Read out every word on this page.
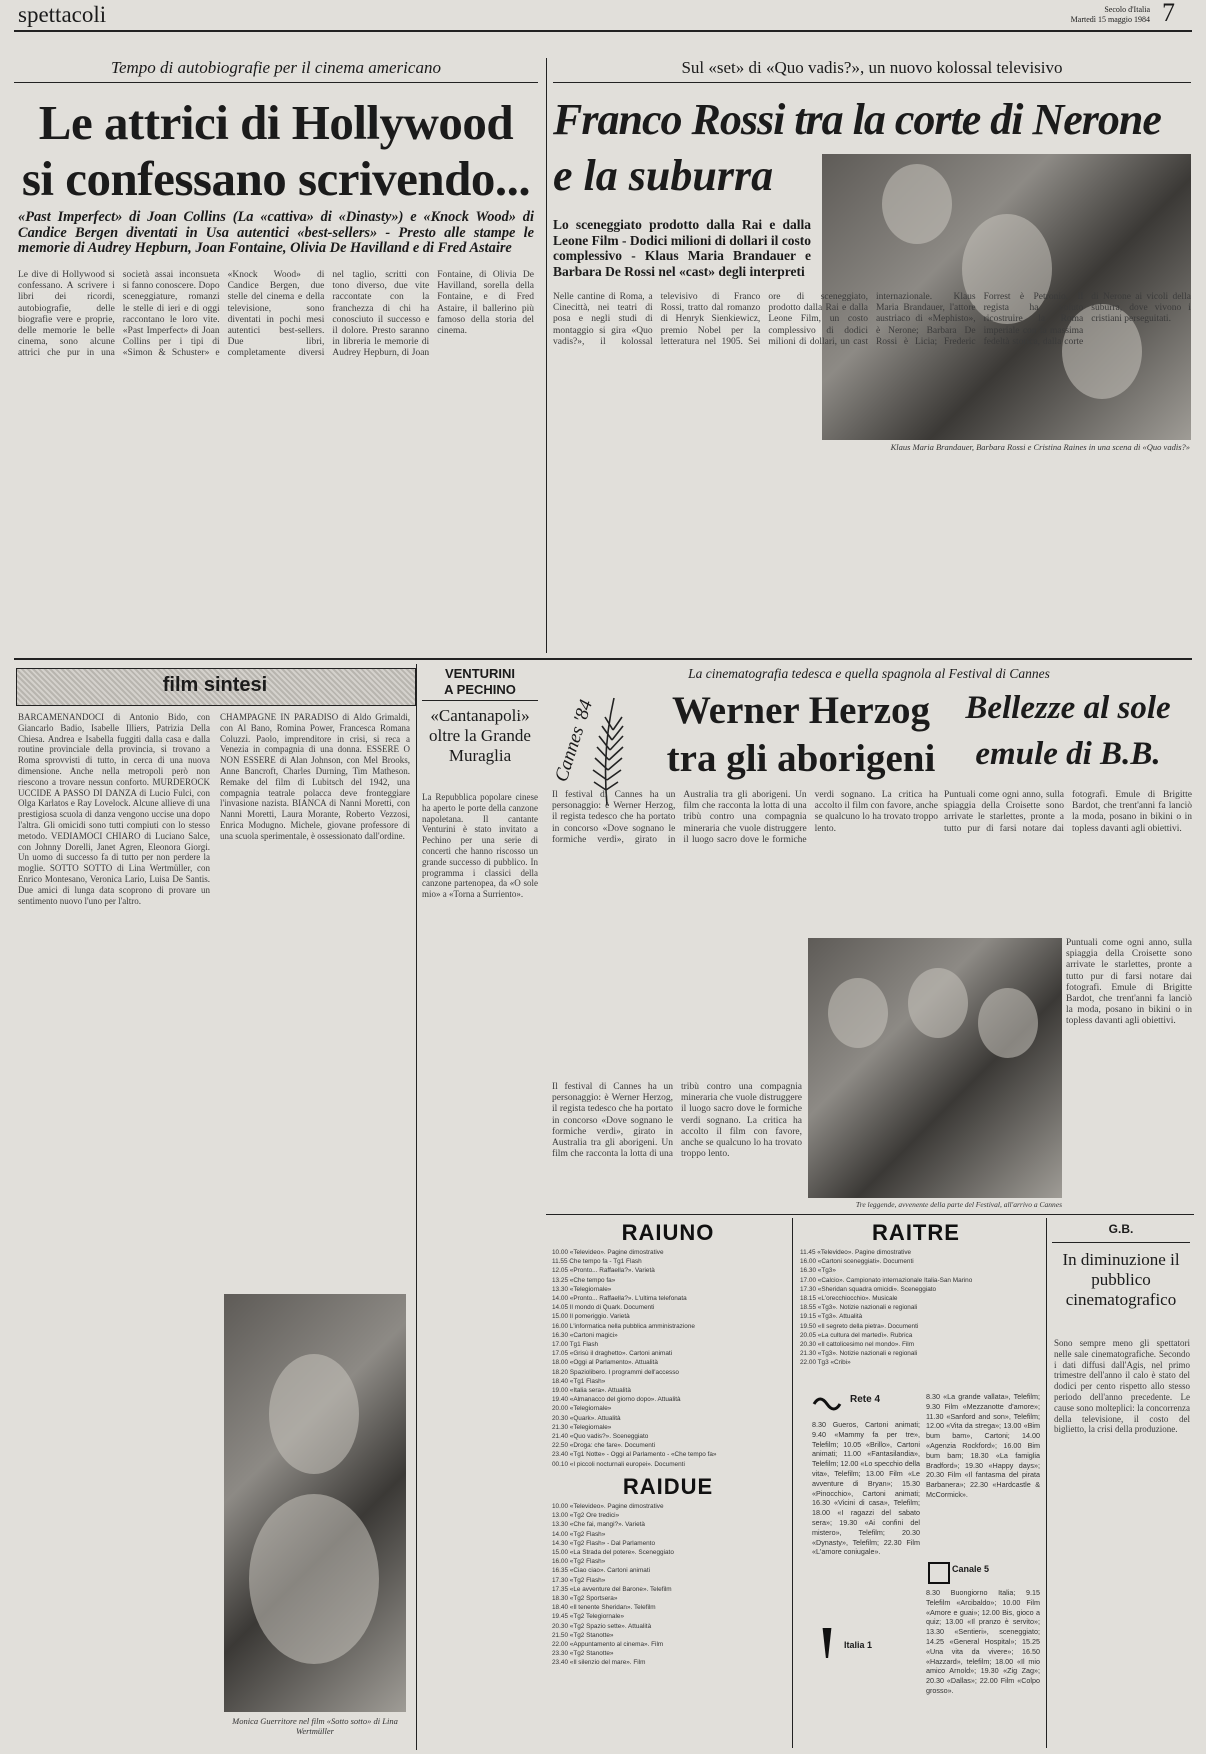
spettacoli	Secolo d'Italia
Martedì 15 maggio 1984 7
Tempo di autobiografie per il cinema americano
Le attrici di Hollywood
si confessano scrivendo...
«Past Imperfect» di Joan Collins (La «cattiva» di «Dinasty») e «Knock Wood» di Candice Bergen diventati in Usa autentici «best-sellers» - Presto alle stampe le memorie di Audrey Hepburn, Joan Fontaine, Olivia De Havilland e di Fred Astaire
Le dive di Hollywood si confessano. A scrivere i libri dei ricordi, autobiografie, delle biografie vere e proprie, delle memorie le belle cinema, sono alcune attrici che pur in una società assai inconsueta si fanno conoscere. Dopo sceneggiature, romanzi le stelle di ieri e di oggi raccontano le loro vite. «Past Imperfect» di Joan Collins per i tipi di «Simon & Schuster» e «Knock Wood» di Candice Bergen, due stelle del cinema e della televisione, sono diventati in pochi mesi autentici best-sellers. Due libri, completamente diversi nel taglio, scritti con tono diverso, due vite raccontate con la franchezza di chi ha conosciuto il successo e il dolore. Presto saranno in libreria le memorie di Audrey Hepburn, di Joan Fontaine, di Olivia De Havilland, sorella della Fontaine, e di Fred Astaire, il ballerino più famoso della storia del cinema.
Sul «set» di «Quo vadis?», un nuovo kolossal televisivo
Franco Rossi tra la corte di Nerone
e la suburra
Lo sceneggiato prodotto dalla Rai e dalla Leone Film - Dodici milioni di dollari il costo complessivo - Klaus Maria Brandauer e Barbara De Rossi nel «cast» degli interpreti
Klaus Maria Brandauer, Barbara Rossi e Cristina Raines in una scena di «Quo vadis?»
Nelle cantine di Roma, a Cinecittà, nei teatri di posa e negli studi di montaggio si gira «Quo vadis?», il kolossal televisivo di Franco Rossi, tratto dal romanzo di Henryk Sienkiewicz, premio Nobel per la letteratura nel 1905. Sei ore di sceneggiato, prodotto dalla Rai e dalla Leone Film, un costo complessivo di dodici milioni di dollari, un cast internazionale. Klaus Maria Brandauer, l'attore austriaco di «Mephisto», è Nerone; Barbara De Rossi è Licia; Frederic Forrest è Petronio. Il regista ha voluto ricostruire la Roma imperiale con la massima fedeltà storica, dalla corte di Nerone ai vicoli della suburra, dove vivono i cristiani perseguitati.
film sintesi
BARCAMENANDOCI di Antonio Bido, con Giancarlo Badio, Isabelle Illiers, Patrizia Della Chiesa. Andrea e Isabella fuggiti dalla casa e dalla routine provinciale della provincia, si trovano a Roma sprovvisti di tutto, in cerca di una nuova dimensione. Anche nella metropoli però non riescono a trovare nessun conforto. MURDEROCK UCCIDE A PASSO DI DANZA di Lucio Fulci, con Olga Karlatos e Ray Lovelock. Alcune allieve di una prestigiosa scuola di danza vengono uccise una dopo l'altra. Gli omicidi sono tutti compiuti con lo stesso metodo. VEDIAMOCI CHIARO di Luciano Salce, con Johnny Dorelli, Janet Agren, Eleonora Giorgi. Un uomo di successo fa di tutto per non perdere la moglie. SOTTO SOTTO di Lina Wertmüller, con Enrico Montesano, Veronica Lario, Luisa De Santis. Due amici di lunga data scoprono di provare un sentimento nuovo l'uno per l'altro.
CHAMPAGNE IN PARADISO di Aldo Grimaldi, con Al Bano, Romina Power, Francesca Romana Coluzzi. Paolo, imprenditore in crisi, si reca a Venezia in compagnia di una donna. ESSERE O NON ESSERE di Alan Johnson, con Mel Brooks, Anne Bancroft, Charles Durning, Tim Matheson. Remake del film di Lubitsch del 1942, una compagnia teatrale polacca deve fronteggiare l'invasione nazista. BIANCA di Nanni Moretti, con Nanni Moretti, Laura Morante, Roberto Vezzosi, Enrica Modugno. Michele, giovane professore di una scuola sperimentale, è ossessionato dall'ordine.
Monica Guerritore nel film «Sotto sotto» di Lina Wertmüller
VENTURINI
A PECHINO
«Cantanapoli» oltre la Grande Muraglia
La Repubblica popolare cinese ha aperto le porte della canzone napoletana. Il cantante Venturini è stato invitato a Pechino per una serie di concerti che hanno riscosso un grande successo di pubblico. In programma i classici della canzone partenopea, da «O sole mio» a «Torna a Surriento».
La cinematografia tedesca e quella spagnola al Festival di Cannes
Cannes '84 Werner Herzog
tra gli aborigeni
Il festival di Cannes ha un personaggio: è Werner Herzog, il regista tedesco che ha portato in concorso «Dove sognano le formiche verdi», girato in Australia tra gli aborigeni. Un film che racconta la lotta di una tribù contro una compagnia mineraria che vuole distruggere il luogo sacro dove le formiche verdi sognano. La critica ha accolto il film con favore, anche se qualcuno lo ha trovato troppo lento.
Il festival di Cannes ha un personaggio: è Werner Herzog, il regista tedesco che ha portato in concorso «Dove sognano le formiche verdi», girato in Australia tra gli aborigeni. Un film che racconta la lotta di una tribù contro una compagnia mineraria che vuole distruggere il luogo sacro dove le formiche verdi sognano. La critica ha accolto il film con favore, anche se qualcuno lo ha trovato troppo lento.
Tre leggende, avvenente della parte del Festival, all'arrivo a Cannes
Bellezze al sole
emule di B.B.
Puntuali come ogni anno, sulla spiaggia della Croisette sono arrivate le starlettes, pronte a tutto pur di farsi notare dai fotografi. Emule di Brigitte Bardot, che trent'anni fa lanciò la moda, posano in bikini o in topless davanti agli obiettivi.
Puntuali come ogni anno, sulla spiaggia della Croisette sono arrivate le starlettes, pronte a tutto pur di farsi notare dai fotografi. Emule di Brigitte Bardot, che trent'anni fa lanciò la moda, posano in bikini o in topless davanti agli obiettivi.
RAIUNO
10.00 «Televideo». Pagine dimostrative
11.55 Che tempo fa - Tg1 Flash
12.05 «Pronto... Raffaella?». Varietà
13.25 «Che tempo fa»
13.30 «Telegiornale»
14.00 «Pronto... Raffaella?». L'ultima telefonata
14.05 Il mondo di Quark. Documenti
15.00 Il pomeriggio. Varietà
16.00 L'informatica nella pubblica amministrazione
16.30 «Cartoni magici»
17.00 Tg1 Flash
17.05 «Grisù il draghetto». Cartoni animati
18.00 «Oggi al Parlamento». Attualità
18.20 Spaziolibero. I programmi dell'accesso
18.40 «Tg1 Flash»
19.00 «Italia sera». Attualità
19.40 «Almanacco del giorno dopo». Attualità
20.00 «Telegiornale»
20.30 «Quark». Attualità
21.30 «Telegiornale»
21.40 «Quo vadis?». Sceneggiato
22.50 «Droga: che fare». Documenti
23.40 «Tg1 Notte» - Oggi al Parlamento - «Che tempo fa»
00.10 «I piccoli nocturnali europei». Documenti
RAIDUE
10.00 «Televideo». Pagine dimostrative
13.00 «Tg2 Ore tredici»
13.30 «Che fai, mangi?». Varietà
14.00 «Tg2 Flash»
14.30 «Tg2 Flash» - Dal Parlamento
15.00 «La Strada del potere». Sceneggiato
16.00 «Tg2 Flash»
16.35 «Ciao ciao». Cartoni animati
17.30 «Tg2 Flash»
17.35 «Le avventure del Barone». Telefilm
18.30 «Tg2 Sportsera»
18.40 «Il tenente Sheridan». Telefilm
19.45 «Tg2 Telegiornale»
20.30 «Tg2 Spazio sette». Attualità
21.50 «Tg2 Stanotte»
22.00 «Appuntamento al cinema». Film
23.30 «Tg2 Stanotte»
23.40 «Il silenzio del mare». Film
RAITRE
11.45 «Televideo». Pagine dimostrative
16.00 «Cartoni sceneggiati». Documenti
16.30 «Tg3»
17.00 «Calcio». Campionato internazionale Italia-San Marino
17.30 «Sheridan squadra omicidi». Sceneggiato
18.15 «L'orecchiocchio». Musicale
18.55 «Tg3». Notizie nazionali e regionali
19.15 «Tg3». Attualità
19.50 «Il segreto della pietra». Documenti
20.05 «La cultura del martedì». Rubrica
20.30 «Il cattolicesimo nel mondo». Film
21.30 «Tg3». Notizie nazionali e regionali
22.00 Tg3 «Cribi»
Rete 4
8.30 Gueros, Cartoni animati; 9.40 «Mammy fa per tre», Telefilm; 10.05 «Brillo», Cartoni animati; 11.00 «Fantasilandia», Telefilm; 12.00 «Lo specchio della vita», Telefilm; 13.00 Film «Le avventure di Bryan»; 15.30 «Pinocchio», Cartoni animati; 16.30 «Vicini di casa», Telefilm; 18.00 «I ragazzi del sabato sera»; 19.30 «Ai confini del mistero», Telefilm; 20.30 «Dynasty», Telefilm; 22.30 Film «L'amore coniugale».
Italia 1
8.30 «La grande vallata», Telefilm; 9.30 Film «Mezzanotte d'amore»; 11.30 «Sanford and son», Telefilm; 12.00 «Vita da strega»; 13.00 «Bim bum bam», Cartoni; 14.00 «Agenzia Rockford»; 16.00 Bim bum bam; 18.30 «La famiglia Bradford»; 19.30 «Happy days»; 20.30 Film «Il fantasma del pirata Barbanera»; 22.30 «Hardcastle & McCormick».
Canale 5
8.30 Buongiorno Italia; 9.15 Telefilm «Arcibaldo»; 10.00 Film «Amore e guai»; 12.00 Bis, gioco a quiz; 13.00 «Il pranzo è servito»; 13.30 «Sentieri», sceneggiato; 14.25 «General Hospital»; 15.25 «Una vita da vivere»; 16.50 «Hazzard», telefilm; 18.00 «Il mio amico Arnold»; 19.30 «Zig Zag»; 20.30 «Dallas»; 22.00 Film «Colpo grosso».
G.B.
In diminuzione il pubblico cinematografico
Sono sempre meno gli spettatori nelle sale cinematografiche. Secondo i dati diffusi dall'Agis, nel primo trimestre dell'anno il calo è stato del dodici per cento rispetto allo stesso periodo dell'anno precedente. Le cause sono molteplici: la concorrenza della televisione, il costo del biglietto, la crisi della produzione.
